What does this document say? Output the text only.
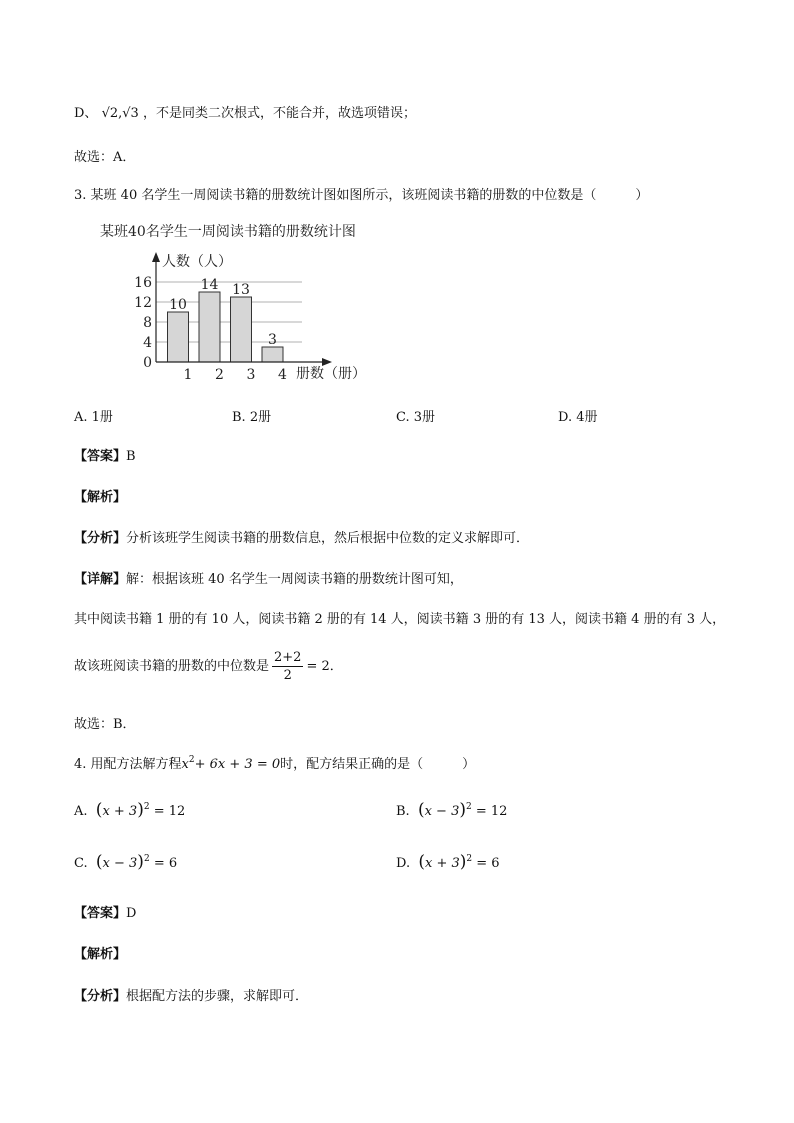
D、 √2,√3 ，不是同类二次根式，不能合并，故选项错误；
故选：A．
3. 某班 40 名学生一周阅读书籍的册数统计图如图所示，该班阅读书籍的册数的中位数是（　　　）
某班40名学生一周阅读书籍的册数统计图
0
4
8
12
16
10
1
14
2
13
3
3
4
人数（人）
册数（册）
A. 1册	B. 2册	C. 3册	D. 4册
【答案】B
【解析】
【分析】分析该班学生阅读书籍的册数信息，然后根据中位数的定义求解即可．
【详解】解：根据该班 40 名学生一周阅读书籍的册数统计图可知，
其中阅读书籍 1 册的有 10 人，阅读书籍 2 册的有 14 人，阅读书籍 3 册的有 13 人，阅读书籍 4 册的有 3 人，
故该班阅读书籍的册数的中位数是 $\frac{2+2}{2} = 2$．
故选：B．
4. 用配方法解方程$x^2+ 6x + 3 = 0$时，配方结果正确的是（　　　）
A. $(x + 3)^2 = 12$	B. $(x - 3)^2 = 12$
C. $(x - 3)^2 = 6$	D. $(x + 3)^2 = 6$
【答案】D
【解析】
【分析】根据配方法的步骤，求解即可．
